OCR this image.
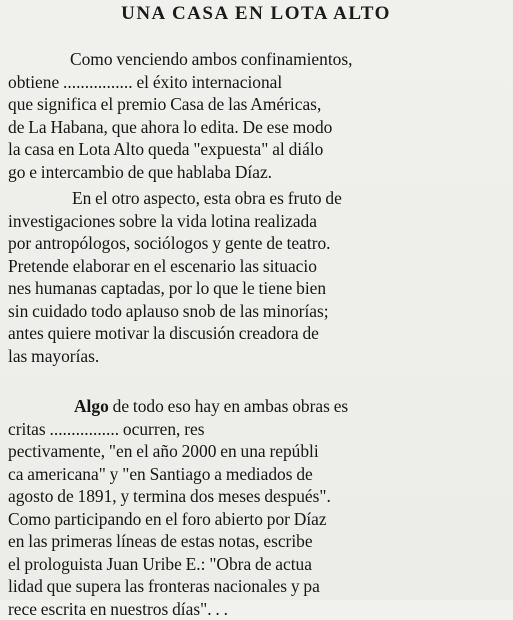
UNA CASA EN LOTA ALTO
Como venciendo ambos confinamientos,
obtiene ................ el éxito internacional
que significa el premio Casa de las Américas,
de La Habana, que ahora lo edita. De ese modo
la casa en Lota Alto queda "expuesta" al diálo
go e intercambio de que hablaba Díaz.
En el otro aspecto, esta obra es fruto de
investigaciones sobre la vida lotina realizada
por antropólogos, sociólogos y gente de teatro.
Pretende elaborar en el escenario las situacio
nes humanas captadas, por lo que le tiene bien
sin cuidado todo aplauso snob de las minorías;
antes quiere motivar la discusión creadora de
las mayorías.
Algo de todo eso hay en ambas obras es
critas ................ ocurren, res
pectivamente, "en el año 2000 en una repúbli
ca americana" y "en Santiago a mediados de
agosto de 1891, y termina dos meses después".
Como participando en el foro abierto por Díaz
en las primeras líneas de estas notas, escribe
el prologuista Juan Uribe E.: "Obra de actua
lidad que supera las fronteras nacionales y pa
rece escrita en nuestros días". . .
